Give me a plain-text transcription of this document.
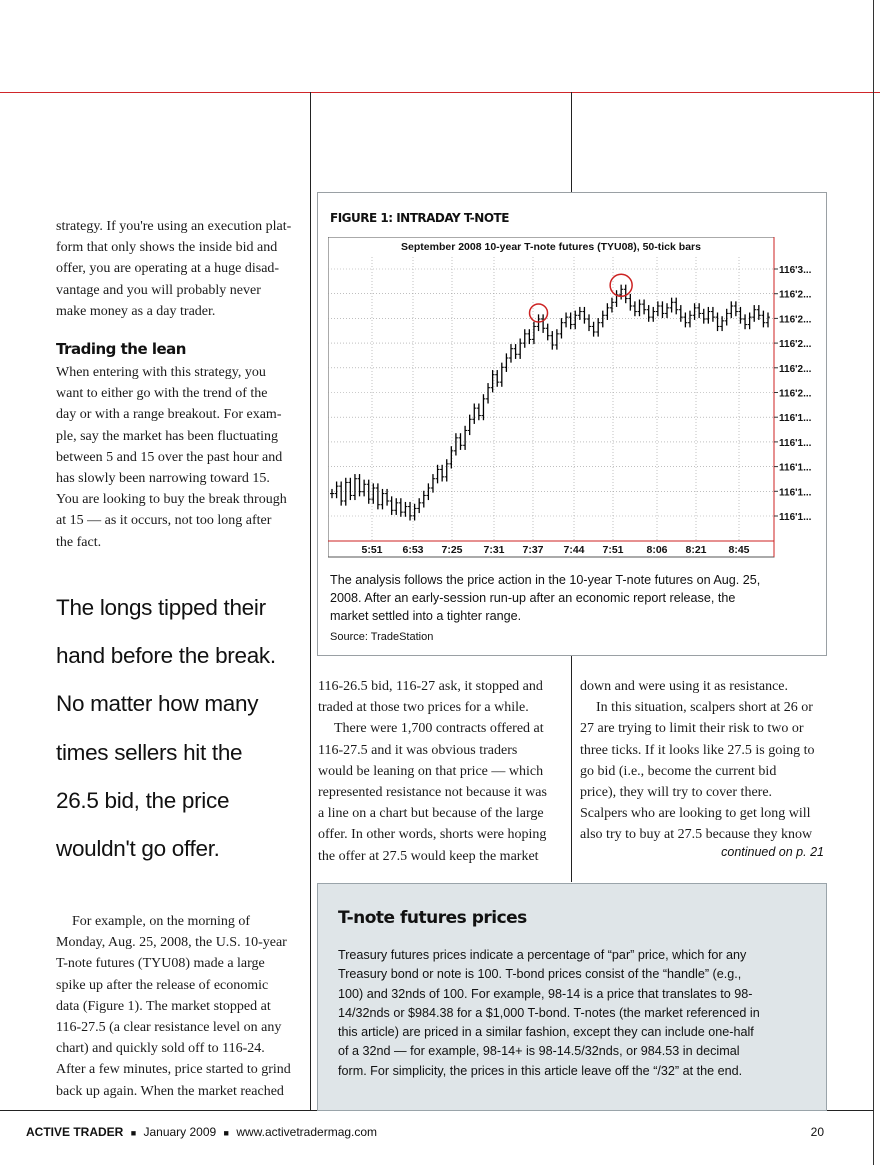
strategy. If you're using an execution plat-

form that only shows the inside bid and

offer, you are operating at a huge disad-

vantage and you will probably never

make money as a day trader.

Trading the lean

When entering with this strategy, you

want to either go with the trend of the

day or with a range breakout. For exam-

ple, say the market has been fluctuating

between 5 and 15 over the past hour and

has slowly been narrowing toward 15.

You are looking to buy the break through

at 15 — as it occurs, not too long after

the fact.

The longs tipped their

hand before the break.

No matter how many

times sellers hit the

26.5 bid, the price

wouldn't go offer.

For example, on the morning of

Monday, Aug. 25, 2008, the U.S. 10-year

T-note futures (TYU08) made a large

spike up after the release of economic

data (Figure 1). The market stopped at

116-27.5 (a clear resistance level on any

chart) and quickly sold off to 116-24.

After a few minutes, price started to grind

back up again. When the market reached

FIGURE 1: INTRADAY T-NOTE
September 2008 10-year T-note futures (TYU08), 50-tick bars
116'3...
116'2...
116'2...
116'2...
116'2...
116'2...
116'1...
116'1...
116'1...
116'1...
116'1...
5:51 6:53 7:25 7:31 7:37 7:44 7:51 8:06 8:21 8:45
The analysis follows the price action in the 10-year T-note futures on Aug. 25,
2008. After an early-session run-up after an economic report release, the
market settled into a tighter range.
Source: TradeStation

116-26.5 bid, 116-27 ask, it stopped and

traded at those two prices for a while.

There were 1,700 contracts offered at

116-27.5 and it was obvious traders

would be leaning on that price — which

represented resistance not because it was

a line on a chart but because of the large

offer. In other words, shorts were hoping

the offer at 27.5 would keep the market

down and were using it as resistance.

In this situation, scalpers short at 26 or

27 are trying to limit their risk to two or

three ticks. If it looks like 27.5 is going to

go bid (i.e., become the current bid

price), they will try to cover there.

Scalpers who are looking to get long will

also try to buy at 27.5 because they know

continued on p. 21
T-note futures prices
Treasury futures prices indicate a percentage of “par” price, which for any
Treasury bond or note is 100. T-bond prices consist of the “handle” (e.g.,
100) and 32nds of 100. For example, 98-14 is a price that translates to 98-
14/32nds or $984.38 for a $1,000 T-bond. T-notes (the market referenced in
this article) are priced in a similar fashion, except they can include one-half
of a 32nd — for example, 98-14+ is 98-14.5/32nds, or 984.53 in decimal
form. For simplicity, the prices in this article leave off the “/32” at the end.
ACTIVE TRADER ■ January 2009 ■ www.activetradermag.com	20
